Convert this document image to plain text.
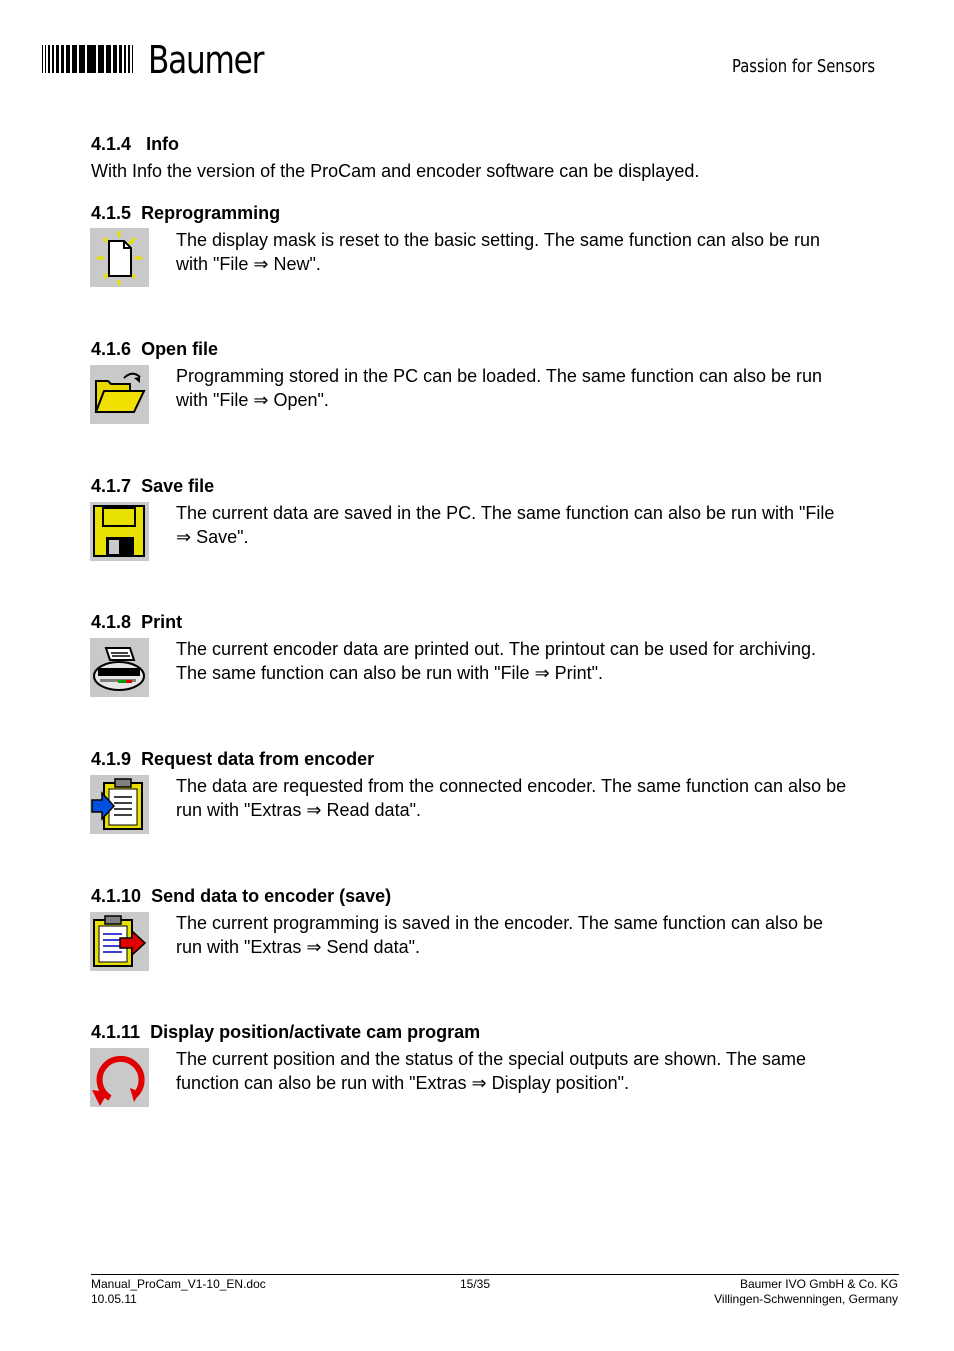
Baumer	Passion for Sensors
4.1.4 Info
With Info the version of the ProCam and encoder software can be displayed.
4.1.5 Reprogramming
The display mask is reset to the basic setting. The same function can also be run
with "File ⇒ New".
4.1.6 Open file
Programming stored in the PC can be loaded. The same function can also be run
with "File ⇒ Open".
4.1.7 Save file
The current data are saved in the PC. The same function can also be run with "File
⇒ Save".
4.1.8 Print
The current encoder data are printed out. The printout can be used for archiving.
The same function can also be run with "File ⇒ Print".
4.1.9 Request data from encoder
The data are requested from the connected encoder. The same function can also be
run with "Extras ⇒ Read data".
4.1.10 Send data to encoder (save)
The current programming is saved in the encoder. The same function can also be
run with "Extras ⇒ Send data".
4.1.11 Display position/activate cam program
The current position and the status of the special outputs are shown. The same
function can also be run with "Extras ⇒ Display position".
Manual_ProCam_V1-10_EN.doc
10.05.11
15/35	Baumer IVO GmbH & Co. KG
Villingen-Schwenningen, Germany
